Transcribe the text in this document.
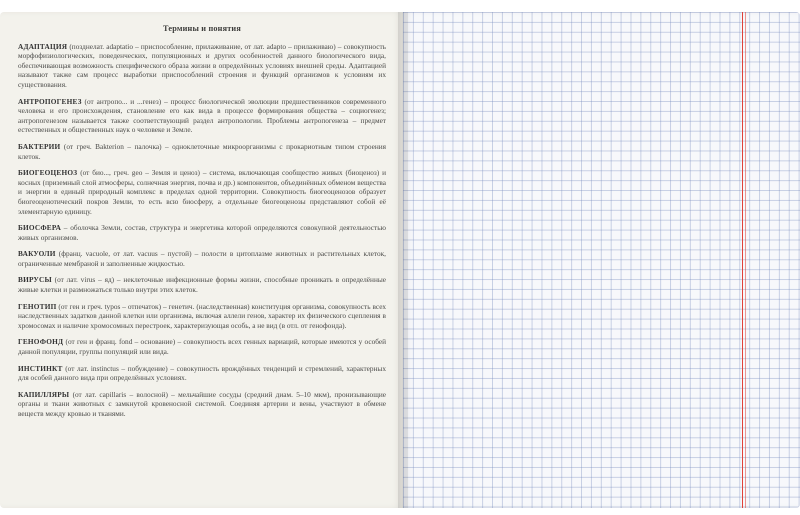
Термины и понятия
АДАПТАЦИЯ (позднелат. adaptatio – приспособление, прилаживание, от лат. adapto – прилаживаю) – совокупность морфофизиологических, поведенческих, популяционных и других особенностей данного биологического вида, обеспечивающая возможность специфического образа жизни в определённых условиях внешней среды. Адаптацией называют также сам процесс выработки приспособлений строения и функций организмов к условиям их существования.
АНТРОПОГЕНЕЗ (от антропо... и ...генез) – процесс биологической эволюции предшественников современного человека и его происхождения, становление его как вида в процессе формирования общества – социогенез; антропогенезом называется также соответствующий раздел антропологии. Проблемы антропогенеза – предмет естественных и общественных наук о человеке и Земле.
БАКТЕРИИ (от греч. Bakterion – палочка) – одноклеточные микроорганизмы с прокариотным типом строения клеток.
БИОГЕОЦЕНОЗ (от био..., греч. geo – Земля и ценоз) – система, включающая сообщество живых (биоценоз) и косных (приземный слой атмосферы, солнечная энергия, почва и др.) компонентов, объединённых обменом вещества и энергии в единый природный комплекс в пределах одной территории. Совокупность биогеоценозов образует биогеоценотический покров Земли, то есть всю биосферу, а отдельные биогеоценозы представляют собой её элементарную единицу.
БИОСФЕРА – оболочка Земли, состав, структура и энергетика которой определяются совокупной деятельностью живых организмов.
ВАКУОЛИ (франц. vacuole, от лат. vacuus – пустой) – полости в цитоплазме животных и растительных клеток, ограниченные мембраной и заполненные жидкостью.
ВИРУСЫ (от лат. virus – яд) – неклеточные инфекционные формы жизни, способные проникать в определённые живые клетки и размножаться только внутри этих клеток.
ГЕНОТИП (от ген и греч. typos – отпечаток) – генетич. (наследственная) конституция организма, совокупность всех наследственных задатков данной клетки или организма, включая аллели генов, характер их физического сцепления в хромосомах и наличие хромосомных перестроек, характеризующая особь, а не вид (в отл. от генофонда).
ГЕНОФОНД (от ген и франц. fond – основание) – совокупность всех генных вариаций, которые имеются у особей данной популяции, группы популяций или вида.
ИНСТИНКТ (от лат. instinctus – побуждение) – совокупность врождённых тенденций и стремлений, характерных для особей данного вида при определённых условиях.
КАПИЛЛЯРЫ (от лат. capillaris – волосной) – мельчайшие сосуды (средний диам. 5–10 мкм), пронизывающие органы и ткани животных с замкнутой кровеносной системой. Соединяя артерии и вены, участвуют в обмене веществ между кровью и тканями.
